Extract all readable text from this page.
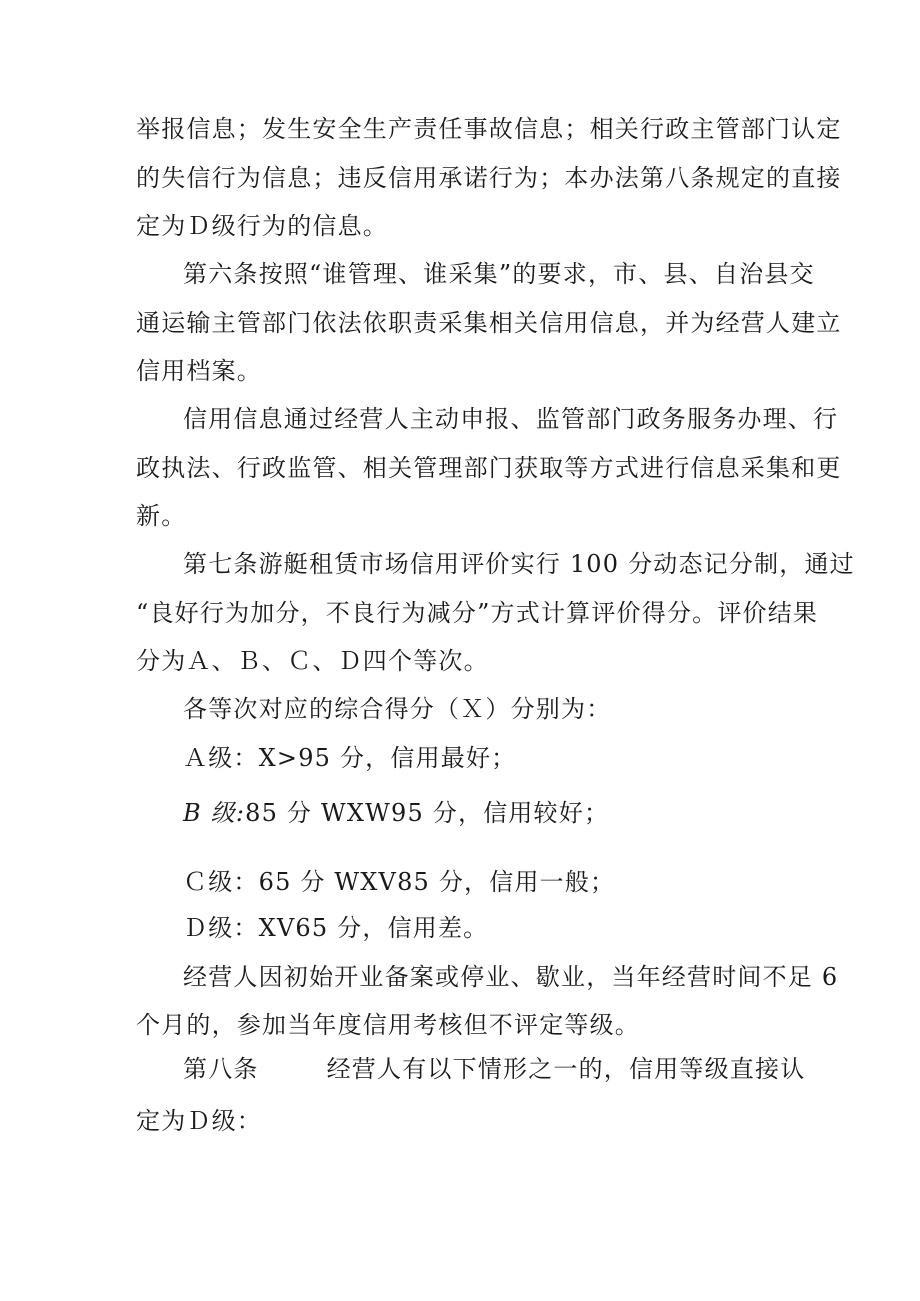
举报信息；发生安全生产责任事故信息；相关行政主管部门认定
的失信行为信息；违反信用承诺行为；本办法第八条规定的直接
定为Ｄ级行为的信息。
第六条按照“谁管理、谁采集”的要求，市、县、自治县交
通运输主管部门依法依职责采集相关信用信息，并为经营人建立
信用档案。
信用信息通过经营人主动申报、监管部门政务服务办理、行
政执法、行政监管、相关管理部门获取等方式进行信息采集和更
新。
第七条游艇租赁市场信用评价实行 100 分动态记分制，通过
“良好行为加分，不良行为减分”方式计算评价得分。评价结果
分为Ａ、Ｂ、Ｃ、Ｄ四个等次。
各等次对应的综合得分（Ｘ）分别为：
Ａ级：X>95 分，信用最好；
B 级:85 分 WXW95 分，信用较好；
Ｃ级：65 分 WXV85 分，信用一般；
Ｄ级：XV65 分，信用差。
经营人因初始开业备案或停业、歇业，当年经营时间不足 6
个月的，参加当年度信用考核但不评定等级。
第八条	经营人有以下情形之一的，信用等级直接认
定为Ｄ级：
